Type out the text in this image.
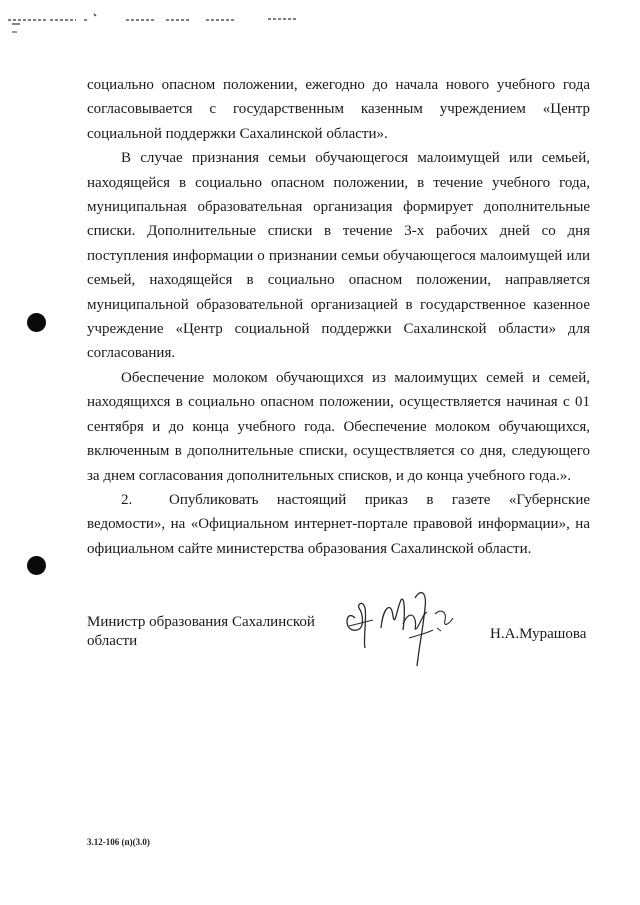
социально опасном положении, ежегодно до начала нового учебного года согласовывается с государственным казенным учреждением «Центр социальной поддержки Сахалинской области».

В случае признания семьи обучающегося малоимущей или семьей, находящейся в социально опасном положении, в течение учебного года, муниципальная образовательная организация формирует дополнительные списки. Дополнительные списки в течение 3-х рабочих дней со дня поступления информации о признании семьи обучающегося малоимущей или семьей, находящейся в социально опасном положении, направляется муниципальной образовательной организацией в государственное казенное учреждение «Центр социальной поддержки Сахалинской области» для согласования.

Обеспечение молоком обучающихся из малоимущих семей и семей, находящихся в социально опасном положении, осуществляется начиная с 01 сентября и до конца учебного года. Обеспечение молоком обучающихся, включенным в дополнительные списки, осуществляется со дня, следующего за днем согласования дополнительных списков, и до конца учебного года.».

2. Опубликовать настоящий приказ в газете «Губернские ведомости», на «Официальном интернет-портале правовой информации», на официальном сайте министерства образования Сахалинской области.

Министр образования Сахалинской области	Н.А.Мурашова
3.12-106 (п)(3.0)
